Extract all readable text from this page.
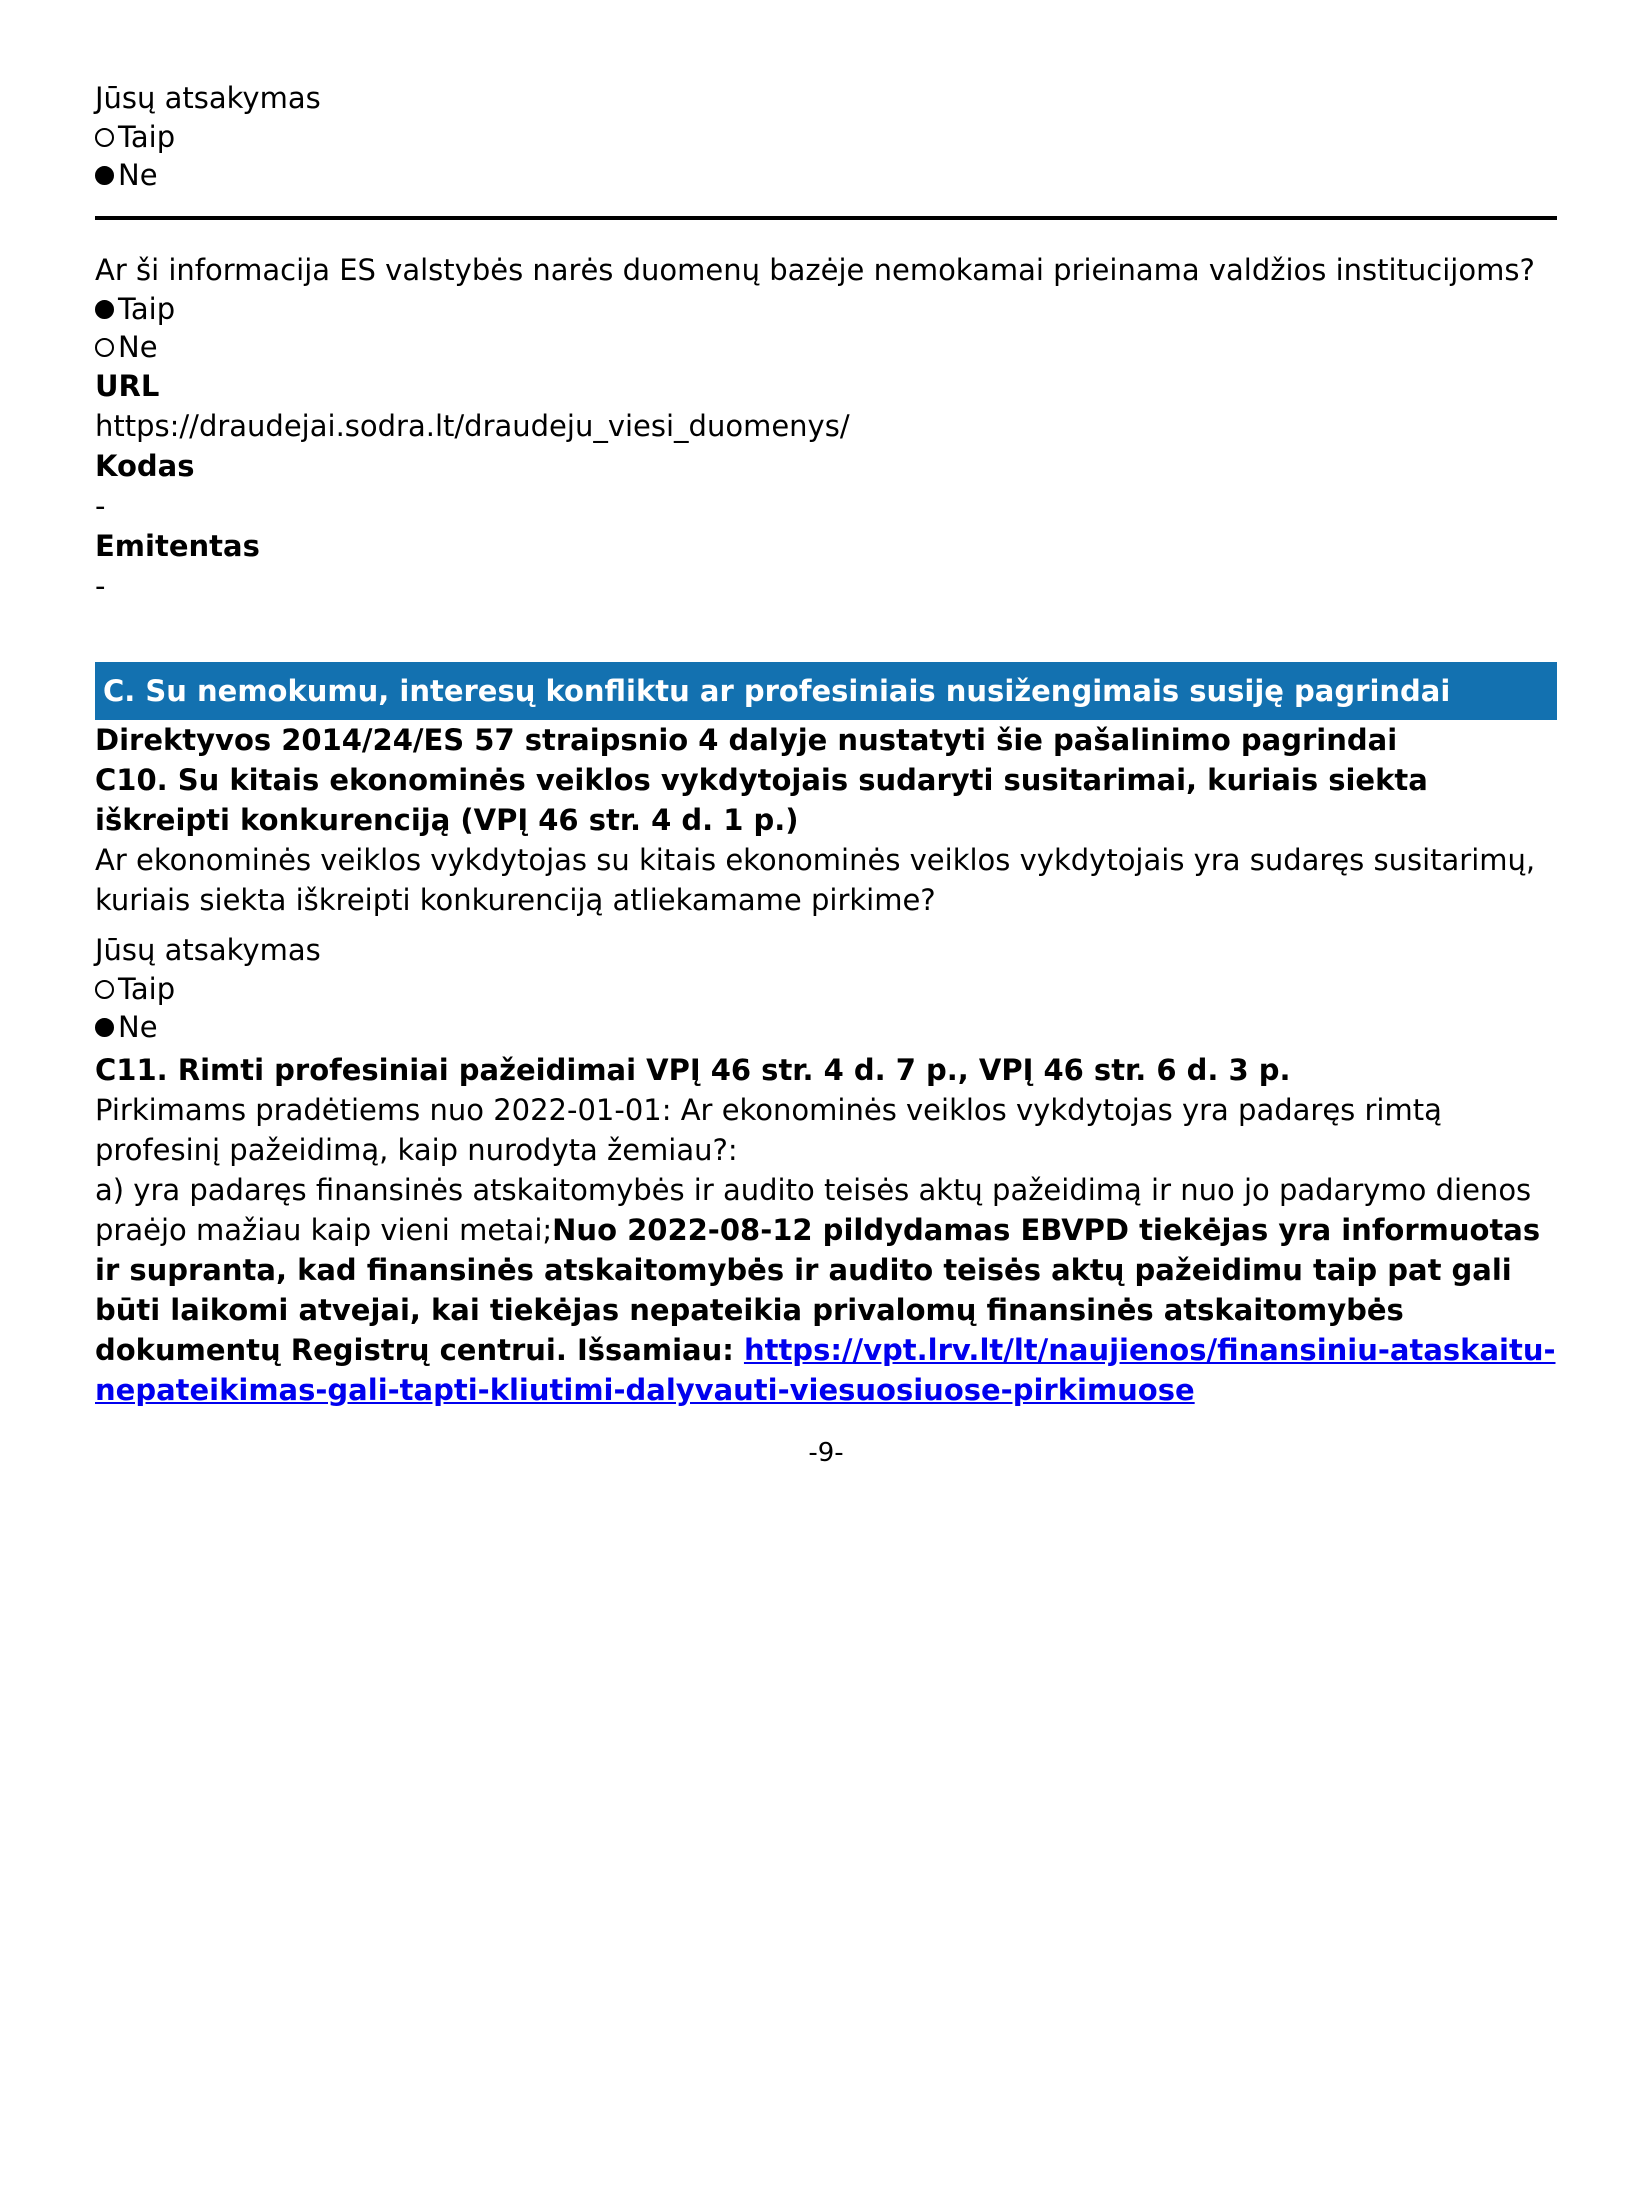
Jūsų atsakymas

Taip
Ne

Ar ši informacija ES valstybės narės duomenų bazėje nemokamai prieinama valdžios institucijoms?

Taip
Ne

URL

https://draudejai.sodra.lt/draudeju_viesi_duomenys/

Kodas

-

Emitentas

-

C. Su nemokumu, interesų konfliktu ar profesiniais nusižengimais susiję pagrindai

Direktyvos 2014/24/ES 57 straipsnio 4 dalyje nustatyti šie pašalinimo pagrindai

C10. Su kitais ekonominės veiklos vykdytojais sudaryti susitarimai, kuriais siekta iškreipti konkurenciją (VPĮ 46 str. 4 d. 1 p.)

Ar ekonominės veiklos vykdytojas su kitais ekonominės veiklos vykdytojais yra sudaręs susitarimų, kuriais siekta iškreipti konkurenciją atliekamame pirkime?

Jūsų atsakymas

Taip
Ne

C11. Rimti profesiniai pažeidimai VPĮ 46 str. 4 d. 7 p., VPĮ 46 str. 6 d. 3 p.

Pirkimams pradėtiems nuo 2022-01-01: Ar ekonominės veiklos vykdytojas yra padaręs rimtą profesinį pažeidimą, kaip nurodyta žemiau?:
a) yra padaręs finansinės atskaitomybės ir audito teisės aktų pažeidimą ir nuo jo padarymo dienos praėjo mažiau kaip vieni metai;Nuo 2022-08-12 pildydamas EBVPD tiekėjas yra informuotas ir supranta, kad finansinės atskaitomybės ir audito teisės aktų pažeidimu taip pat gali būti laikomi atvejai, kai tiekėjas nepateikia privalomų finansinės atskaitomybės dokumentų Registrų centrui. Išsamiau: https://vpt.lrv.lt/lt/naujienos/finansiniu-ataskaitu-nepateikimas-gali-tapti-kliutimi-dalyvauti-viesuosiuose-pirkimuose

-9-
